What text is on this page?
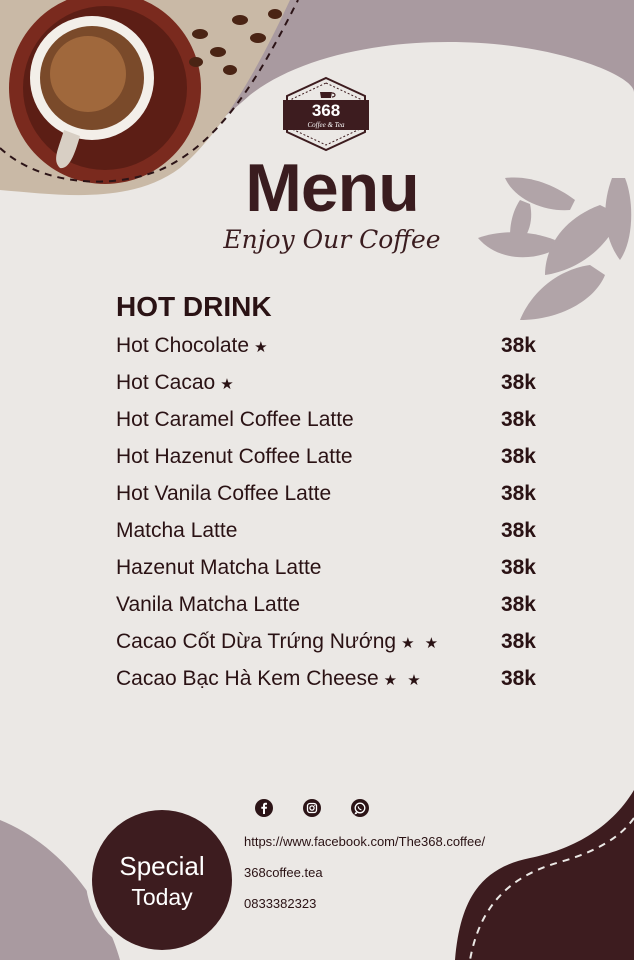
368
Coffee & Tea
Menu
Enjoy Our Coffee
HOT DRINK
Hot Chocolate ★	38k
Hot Cacao ★	38k
Hot Caramel Coffee Latte	38k
Hot Hazenut Coffee Latte	38k
Hot Vanila Coffee Latte	38k
Matcha Latte	38k
Hazenut Matcha Latte	38k
Vanila Matcha Latte	38k
Cacao Cốt Dừa Trứng Nướng ★ ★	38k
Cacao Bạc Hà Kem Cheese ★ ★	38k
https://www.facebook.com/The368.coffee/
368coffee.tea
0833382323
Special
Today
